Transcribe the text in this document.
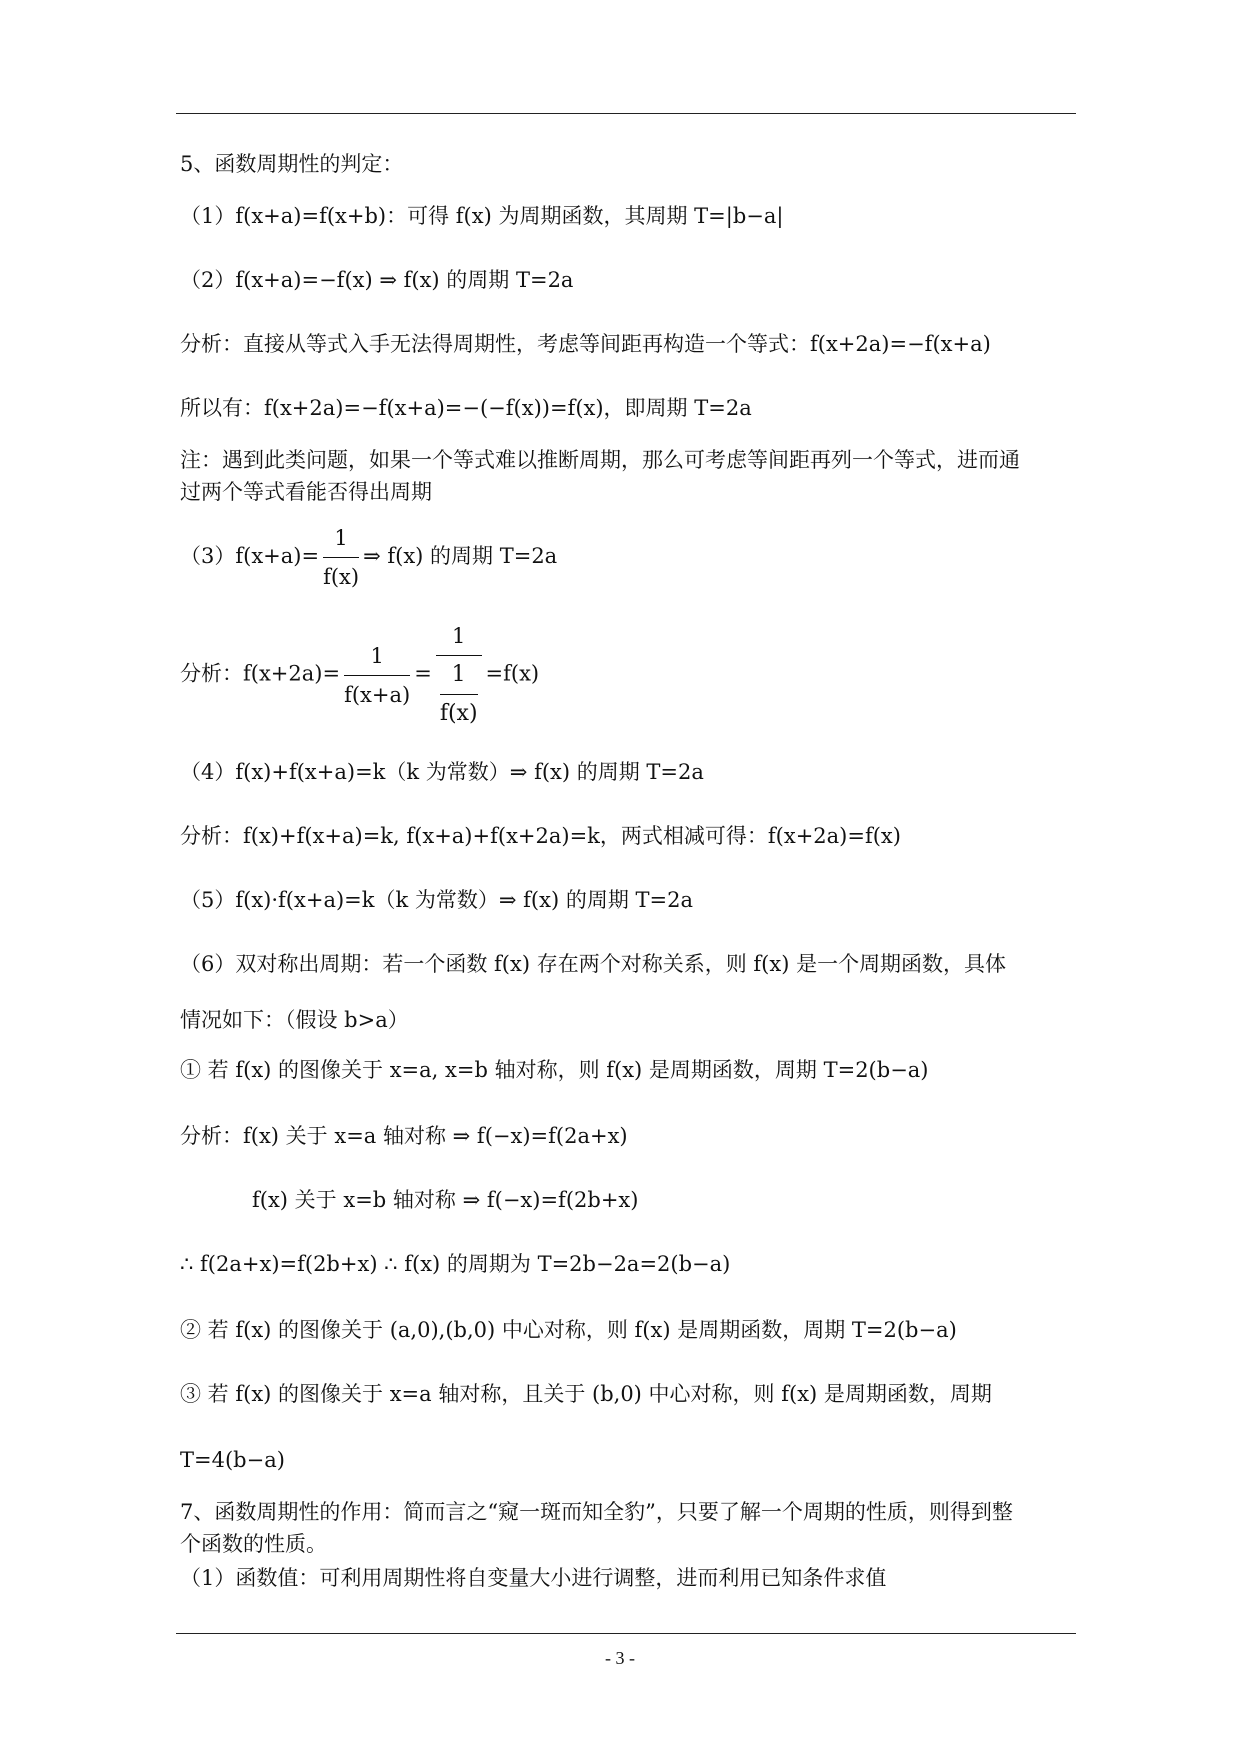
5、函数周期性的判定：
（1）f(x+a)=f(x+b)：可得 f(x) 为周期函数，其周期 T=|b−a|
（2）f(x+a)=−f(x) ⇒ f(x) 的周期 T=2a
分析：直接从等式入手无法得周期性，考虑等间距再构造一个等式：f(x+2a)=−f(x+a)
所以有：f(x+2a)=−f(x+a)=−(−f(x))=f(x)，即周期 T=2a
注：遇到此类问题，如果一个等式难以推断周期，那么可考虑等间距再列一个等式，进而通
过两个等式看能否得出周期
$(3)f(x+a)= \frac{1}{f(x)}$ ⇒ f(x) 的周期 T=2a
分析：$f(x+2a)= \frac{1}{f(x+a)} = \frac{1}{\frac{1}{f(x)}} =f(x)$
（4）f(x)+f(x+a)=k（k 为常数）⇒ f(x) 的周期 T=2a
分析：f(x)+f(x+a)=k, f(x+a)+f(x+2a)=k，两式相减可得：f(x+2a)=f(x)
（5）f(x)·f(x+a)=k（k 为常数）⇒ f(x) 的周期 T=2a
（6）双对称出周期：若一个函数 f(x) 存在两个对称关系，则 f(x) 是一个周期函数，具体
情况如下：（假设 b>a）
① 若 f(x) 的图像关于 x=a, x=b 轴对称，则 f(x) 是周期函数，周期 T=2(b−a)
分析：f(x) 关于 x=a 轴对称 ⇒ f(−x)=f(2a+x)
f(x) 关于 x=b 轴对称 ⇒ f(−x)=f(2b+x)
∴ f(2a+x)=f(2b+x) ∴ f(x) 的周期为 T=2b−2a=2(b−a)
② 若 f(x) 的图像关于 (a,0),(b,0) 中心对称，则 f(x) 是周期函数，周期 T=2(b−a)
③ 若 f(x) 的图像关于 x=a 轴对称，且关于 (b,0) 中心对称，则 f(x) 是周期函数，周期
T=4(b−a)
7、函数周期性的作用：简而言之“窥一斑而知全豹”，只要了解一个周期的性质，则得到整
个函数的性质。
（1）函数值：可利用周期性将自变量大小进行调整，进而利用已知条件求值
- 3 -
